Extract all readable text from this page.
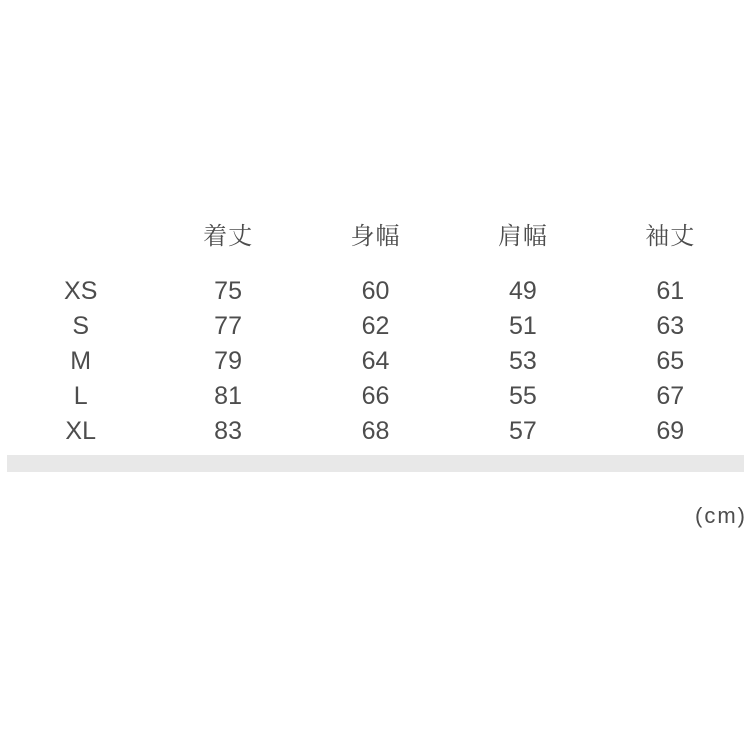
	着丈	身幅	肩幅	袖丈

XS	75	60	49	61
S	77	62	51	63
M	79	64	53	65
L	81	66	55	67
XL	83	68	57	69
(cm)
